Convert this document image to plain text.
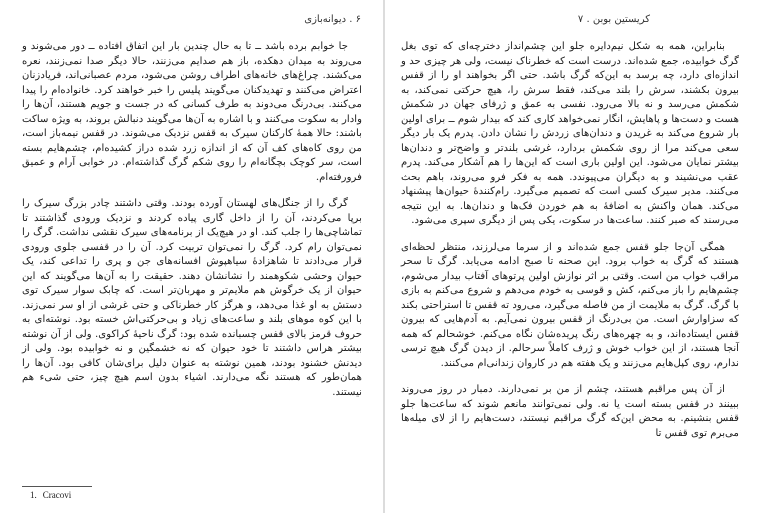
۶ . دیوانه‌بازی

جا خوابم برده باشد ــ تا به حال چندین بار این اتفاق افتاده ــ دور می‌شوند و می‌روند به میدان دهکده، باز هم صدایم می‌زنند، حالا دیگر صدا نمی‌زنند، نعره می‌کشند. چراغ‌های خانه‌های اطراف روشن می‌شود، مردم عصبانی‌اند، فریادزنان اعتراض می‌کنند و تهدیدکنان می‌گویند پلیس را خبر خواهند کرد. خانواده‌ام را پیدا می‌کنند. بی‌درنگ می‌دوند به طرف کسانی که در جست و جویم هستند، آن‌ها را وادار به سکوت می‌کنند و با اشاره به آن‌ها می‌گویند دنبالش بروند، به ویژه ساکت باشند: حالا همهٔ کارکنان سیرک به قفس نزدیک می‌شوند. در قفس نیمه‌باز است، من روی کاه‌های کف آن که از اندازه زرد شده دراز کشیده‌ام، چشم‌هایم بسته است، سر کوچک بچگانه‌ام را روی شکم گرگ گذاشته‌ام. در خوابی آرام و عمیق فرورفته‌ام.

گرگ را از جنگل‌های لهستان آورده بودند. وقتی داشتند چادر بزرگ سیرک را برپا می‌کردند، آن را از داخل گاری پیاده کردند و نزدیک ورودی گذاشتند تا تماشاچی‌ها را جلب کند. او در هیچ‌یک از برنامه‌های سیرک نقشی نداشت. گرگ را نمی‌توان رام کرد. گرگ را نمی‌توان تربیت کرد. آن را در قفسی جلوی ورودی قرار می‌دادند تا شاهزادهٔ سیاهپوش افسانه‌های جن و پری را تداعی کند، یک حیوان وحشی شکوهمند را نشانشان دهند. حقیقت را به آن‌ها می‌گویند که این حیوان از یک خرگوش هم ملایم‌تر و مهربان‌تر است. که چابک سوار سیرک توی دستش به او غذا می‌دهد، و هرگز کار خطرناکی و حتی غرشی از او سر نمی‌زند. با این کوه موهای بلند و ساعت‌های زیاد و بی‌حرکتی‌اش خسته بود. نوشته‌ای به حروف قرمز بالای قفس چسبانده شده بود: گرگ ناحیهٔ کراکوی. ولی از آن نوشته بیشتر هراس داشتند تا خود حیوان که نه خشمگین و نه خوابیده بود. ولی از دیدنش خشنود بودند، همین نوشته به عنوان دلیل برای‌شان کافی بود. آن‌ها را همان‌طور که هستند نگه می‌دارند. اشیاء بدون اسم هیچ چیز، حتی شیء هم نیستند.

1. Cracovi
کریستین بوبن . ۷

بنابراین، همه به شکل نیم‌دایره جلو این چشم‌انداز دخترچه‌ای که توی بغل گرگ خوابیده، جمع شده‌اند. درست است که خطرناک نیست، ولی هر چیزی حد و اندازه‌ای دارد، چه برسد به این‌که گرگ باشد. حتی اگر بخواهند او را از قفس بیرون بکشند، سرش را بلند می‌کند، فقط سرش را، هیچ حرکتی نمی‌کند، به شکمش می‌رسد و نه بالا می‌رود. نفسی به عمق و ژرفای جهان در شکمش هست و دست‌ها و پاهایش، انگار نمی‌خواهد کاری کند که بیدار شوم ــ برای اولین بار شروع می‌کند به غریدن و دندان‌های زردش را نشان دادن. پدرم یک بار دیگر سعی می‌کند مرا از روی شکمش بردارد، غرشی بلندتر و واضح‌تر و دندان‌ها بیشتر نمایان می‌شود. این اولین باری است که این‌ها را هم آشکار می‌کند. پدرم عقب می‌نشیند و به دیگران می‌پیوندد. همه به فکر فرو می‌روند، باهم بحث می‌کنند. مدیر سیرک کسی است که تصمیم می‌گیرد. رام‌کنندهٔ حیوان‌ها پیشنهاد می‌کند. همان واکنش به اضافهٔ به هم خوردن فک‌ها و دندان‌ها. به این نتیجه می‌رسند که صبر کنند. ساعت‌ها در سکوت، یکی پس از دیگری سپری می‌شود.

همگی آن‌جا جلو قفس جمع شده‌اند و از سرما می‌لرزند، منتظر لحظه‌ای هستند که گرگ به خواب برود. این صحنه تا صبح ادامه می‌یابد. گرگ تا سحر مراقب خواب من است. وقتی بر اثر نوازش اولین پرتوهای آفتاب بیدار می‌شوم، چشم‌هایم را باز می‌کنم، کش و قوسی به خودم می‌دهم و شروع می‌کنم به بازی با گرگ. گرگ به ملایمت از من فاصله می‌گیرد، می‌رود ته قفس تا استراحتی بکند که سزاوارش است. من بی‌درنگ از قفس بیرون نمی‌آیم. به آدم‌هایی که بیرون قفس ایستاده‌اند، و به چهره‌های رنگ پریده‌شان نگاه می‌کنم. خوشحالم که همه آنجا هستند، از این خواب خوش و ژرف کاملاً سرحالم. از دیدن گرگ هیچ ترسی ندارم، روی کپل‌هایم می‌زنند و یک هفته هم در کاروان زندانی‌ام می‌کنند.

از آن پس مراقبم هستند، چشم از من بر نمی‌دارند. دمبار در روز می‌روند ببینند در قفس بسته است یا نه. ولی نمی‌توانند مانعم شوند که ساعت‌ها جلو قفس بنشینم. به محض این‌که گرگ مراقبم نیستند، دست‌هایم را از لای میله‌ها می‌برم توی قفس تا
